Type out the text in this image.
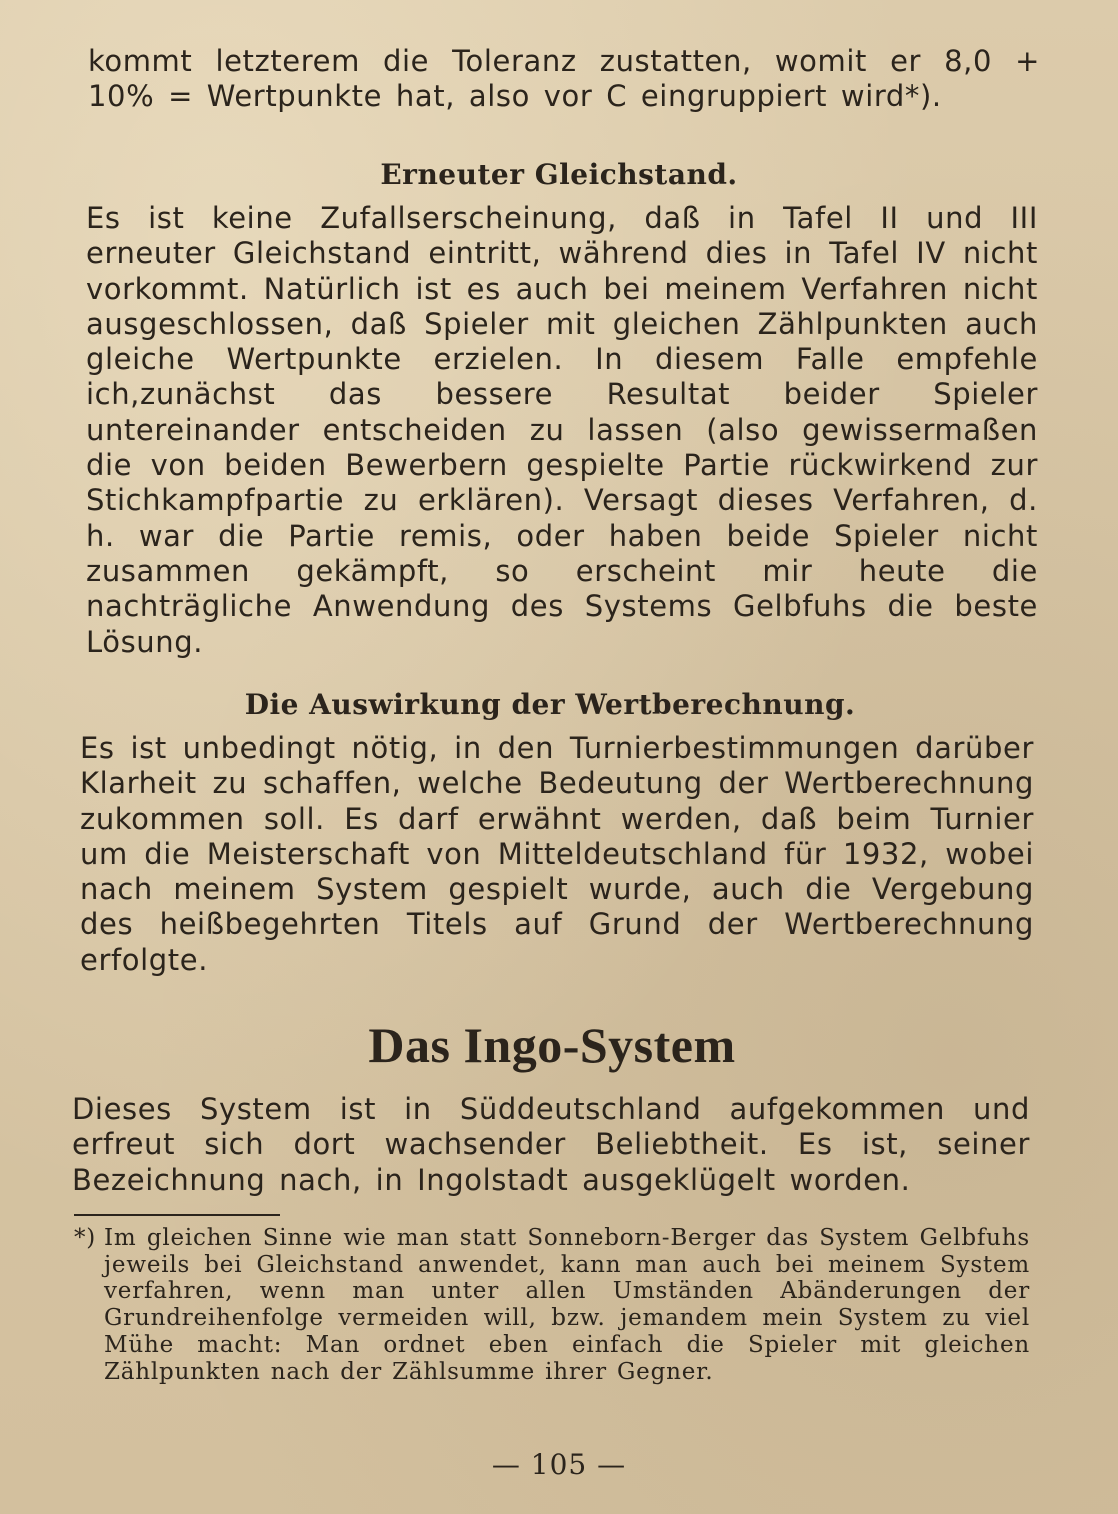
kommt letzterem die Toleranz zustatten, womit er 8,0 + 10% = Wertpunkte hat, also vor C eingruppiert wird*).

Erneuter Gleichstand.

Es ist keine Zufallserscheinung, daß in Tafel II und III erneuter Gleichstand eintritt, während dies in Tafel IV nicht vorkommt. Natürlich ist es auch bei meinem Verfahren nicht ausgeschlossen, daß Spieler mit gleichen Zählpunkten auch gleiche Wertpunkte erzielen. In diesem Falle empfehle ich,zunächst das bessere Resultat beider Spieler untereinander entscheiden zu lassen (also gewissermaßen die von beiden Bewerbern gespielte Partie rückwirkend zur Stichkampfpartie zu erklären). Versagt dieses Verfahren, d. h. war die Partie remis, oder haben beide Spieler nicht zusammen gekämpft, so erscheint mir heute die nachträgliche Anwendung des Systems Gelbfuhs die beste Lösung.

Die Auswirkung der Wertberechnung.

Es ist unbedingt nötig, in den Turnierbestimmungen darüber Klarheit zu schaffen, welche Bedeutung der Wertberechnung zukommen soll. Es darf erwähnt werden, daß beim Turnier um die Meisterschaft von Mitteldeutschland für 1932, wobei nach meinem System gespielt wurde, auch die Vergebung des heißbegehrten Titels auf Grund der Wertberechnung erfolgte.

Das Ingo-System

Dieses System ist in Süddeutschland aufgekommen und erfreut sich dort wachsender Beliebtheit. Es ist, seiner Bezeichnung nach, in Ingolstadt ausgeklügelt worden.

*) Im gleichen Sinne wie man statt Sonneborn-Berger das System Gelbfuhs jeweils bei Gleichstand anwendet, kann man auch bei meinem System verfahren, wenn man unter allen Umständen Abänderungen der Grundreihenfolge vermeiden will, bzw. jemandem mein System zu viel Mühe macht: Man ordnet eben einfach die Spieler mit gleichen Zählpunkten nach der Zählsumme ihrer Gegner.

— 105 —
